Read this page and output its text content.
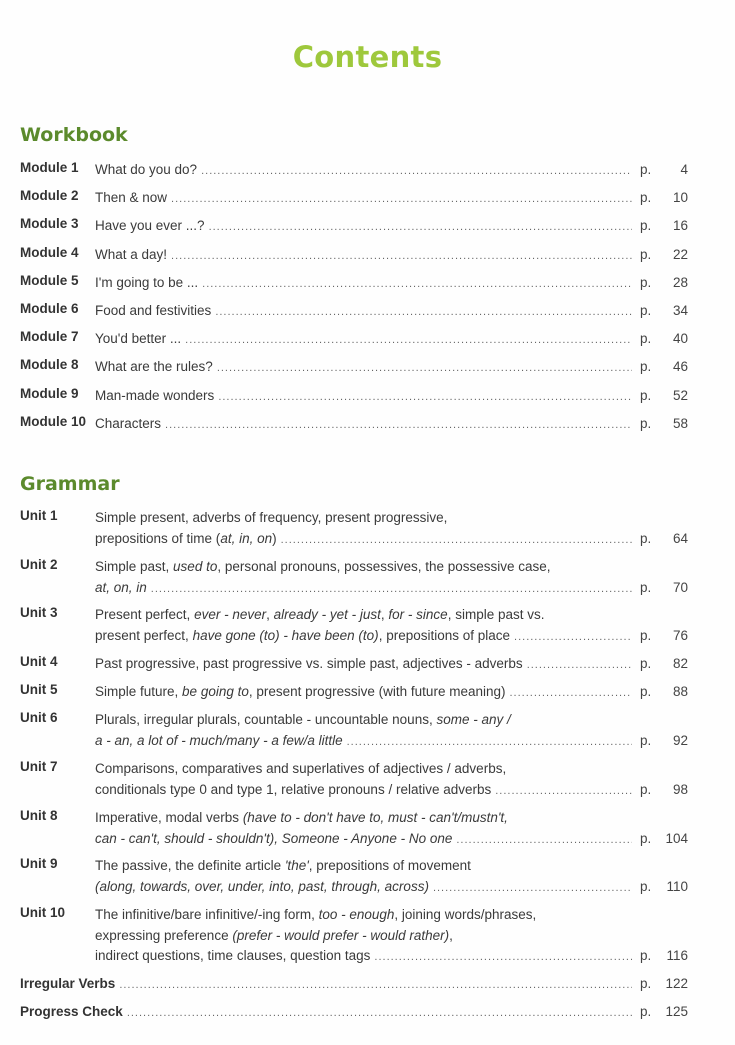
Contents
Workbook
Grammar
Module 1 What do you do? .....	p. 4
Module 2 Then & now .....	p. 10
Module 3 Have you ever ...? .....	p. 16
Module 4 What a day! .....	p. 22
Module 5 I'm going to be ... .....	p. 28
Module 6 Food and festivities .....	p. 34
Module 7 You'd better ... .....	p. 40
Module 8 What are the rules? .....	p. 46
Module 9 Man-made wonders .....	p. 52
Module 10 Characters .....	p. 58
Unit 1	Simple present, adverbs of frequency, present progressive,
prepositions of time (at, in, on) .....	p. 64
Unit 2	Simple past, used to, personal pronouns, possessives, the possessive case,
at, on, in .....	p. 70
Unit 3	Present perfect, ever - never, already - yet - just, for - since, simple past vs.
present perfect, have gone (to) - have been (to), prepositions of place .....	p. 76
Unit 4	Past progressive, past progressive vs. simple past, adjectives - adverbs .....	p. 82
Unit 5	Simple future, be going to, present progressive (with future meaning) .....	p. 88
Unit 6	Plurals, irregular plurals, countable - uncountable nouns, some - any /
a - an, a lot of - much/many - a few/a little .....	p. 92
Unit 7	Comparisons, comparatives and superlatives of adjectives / adverbs,
conditionals type 0 and type 1, relative pronouns / relative adverbs .....	p. 98
Unit 8	Imperative, modal verbs (have to - don't have to, must - can't/mustn't,
can - can't, should - shouldn't), Someone - Anyone - No one .....	p. 104
Unit 9	The passive, the definite article 'the', prepositions of movement
(along, towards, over, under, into, past, through, across) .....	p. 110
Unit 10 The infinitive/bare infinitive/-ing form, too - enough, joining words/phrases,
expressing preference (prefer - would prefer - would rather),
indirect questions, time clauses, question tags .....	p. 116
Irregular Verbs .....	p. 122
Progress Check .....	p. 125
